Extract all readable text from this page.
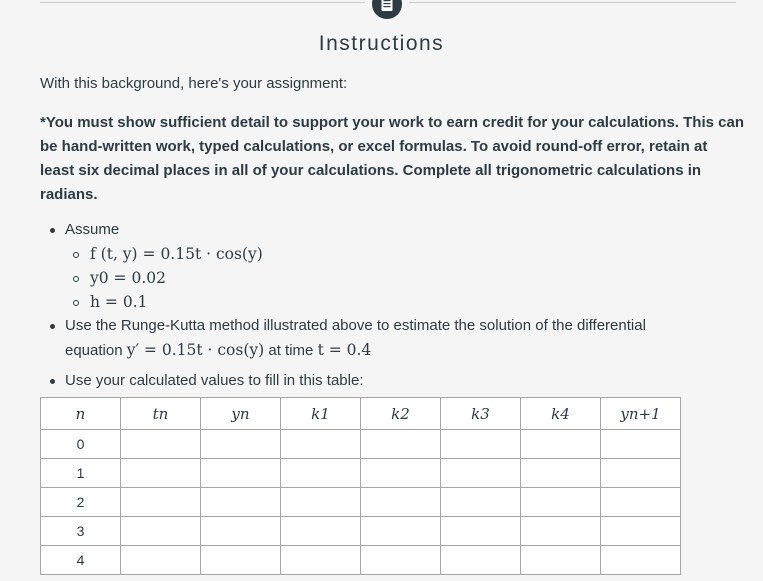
Instructions
With this background, here's your assignment:
*You must show sufficient detail to support your work to earn credit for your calculations. This can be hand-written work, typed calculations, or excel formulas. To avoid round-off error, retain at least six decimal places in all of your calculations. Complete all trigonometric calculations in radians.
Assume
f (t, y) = 0.15t · cos(y)
y0 = 0.02
h = 0.1
Use the Runge-Kutta method illustrated above to estimate the solution of the differential
equation y′ = 0.15t · cos(y) at time t = 0.4
Use your calculated values to fill in this table:
n	tn	yn	k1	k2	k3	k4	yn+1
0							
1							
2							
3							
4							
